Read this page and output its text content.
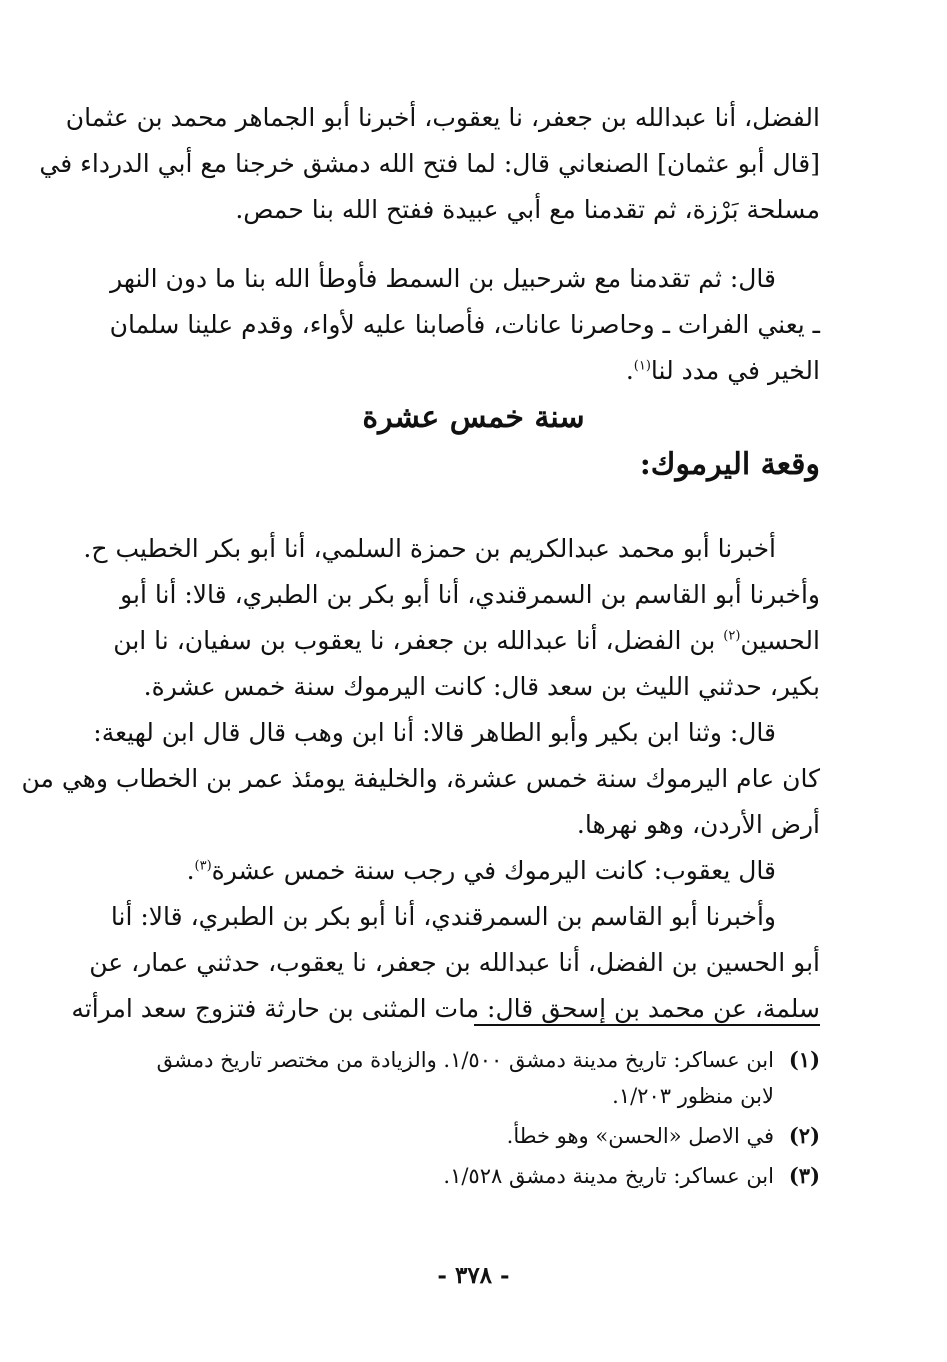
الفضل، أنا عبدالله بن جعفر، نا يعقوب، أخبرنا أبو الجماهر محمد بن عثمان
[قال أبو عثمان] الصنعاني قال: لما فتح الله دمشق خرجنا مع أبي الدرداء في
مسلحة بَرْزة، ثم تقدمنا مع أبي عبيدة ففتح الله بنا حمص.
قال: ثم تقدمنا مع شرحبيل بن السمط فأوطأ الله بنا ما دون النهر
ـ يعني الفرات ـ وحاصرنا عانات، فأصابنا عليه لأواء، وقدم علينا سلمان
الخير في مدد لنا$^{(١)}$.
سنة خمس عشرة
وقعة اليرموك:
أخبرنا أبو محمد عبدالكريم بن حمزة السلمي، أنا أبو بكر الخطيب ح.
وأخبرنا أبو القاسم بن السمرقندي، أنا أبو بكر بن الطبري، قالا: أنا أبو
الحسين$^{(٢)}$ بن الفضل، أنا عبدالله بن جعفر، نا يعقوب بن سفيان، نا ابن
بكير، حدثني الليث بن سعد قال: كانت اليرموك سنة خمس عشرة.
قال: وثنا ابن بكير وأبو الطاهر قالا: أنا ابن وهب قال قال ابن لهيعة:
كان عام اليرموك سنة خمس عشرة، والخليفة يومئذ عمر بن الخطاب وهي من
أرض الأردن، وهو نهرها.
قال يعقوب: كانت اليرموك في رجب سنة خمس عشرة$^{(٣)}$.
وأخبرنا أبو القاسم بن السمرقندي، أنا أبو بكر بن الطبري، قالا: أنا
أبو الحسين بن الفضل، أنا عبدالله بن جعفر، نا يعقوب، حدثني عمار، عن
سلمة، عن محمد بن إسحق قال: مات المثنى بن حارثة فتزوج سعد امرأته
(١)ابن عساكر: تاريخ مدينة دمشق ١/٥٠٠. والزيادة من مختصر تاريخ دمشق
لابن منظور ١/٢٠٣.
(٢)في الاصل «الحسن» وهو خطأ.
(٣)ابن عساكر: تاريخ مدينة دمشق ١/٥٢٨.
- ٣٧٨ -
